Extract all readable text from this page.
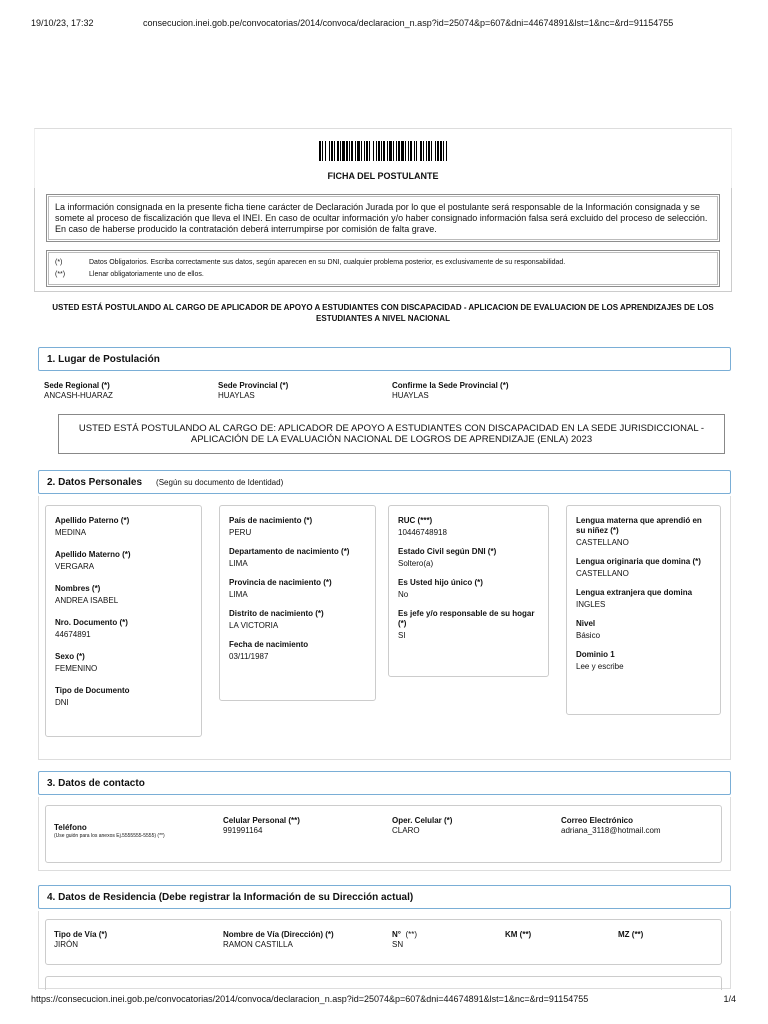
19/10/23, 17:32	consecucion.inei.gob.pe/convocatorias/2014/convoca/declaracion_n.asp?id=25074&p=607&dni=44674891&lst=1&nc=&rd=91154755
FICHA DEL POSTULANTE
La información consignada en la presente ficha tiene carácter de Declaración Jurada por lo que el postulante será responsable de la Información consignada y se somete al proceso de fiscalización que lleva el INEI. En caso de ocultar información y/o haber consignado información falsa será excluido del proceso de selección. En caso de haberse producido la contratación deberá interrumpirse por comisión de falta grave.
(*)	Datos Obligatorios. Escriba correctamente sus datos, según aparecen en su DNI, cualquier problema posterior, es exclusivamente de su responsabilidad.
(**)	Llenar obligatoriamente uno de ellos.
USTED ESTÁ POSTULANDO AL CARGO DE APLICADOR DE APOYO A ESTUDIANTES CON DISCAPACIDAD - APLICACION DE EVALUACION DE LOS APRENDIZAJES DE LOS ESTUDIANTES A NIVEL NACIONAL
1. Lugar de Postulación
Sede Regional (*)
ANCASH-HUARAZ
Sede Provincial (*)
HUAYLAS
Confirme la Sede Provincial (*)
HUAYLAS
USTED ESTÁ POSTULANDO AL CARGO DE: APLICADOR DE APOYO A ESTUDIANTES CON DISCAPACIDAD EN LA SEDE JURISDICCIONAL - APLICACIÓN DE LA EVALUACIÓN NACIONAL DE LOGROS DE APRENDIZAJE (ENLA) 2023
2. Datos Personales (Según su documento de Identidad)
Apellido Paterno (*)
MEDINA
Apellido Materno (*)
VERGARA
Nombres (*)
ANDREA ISABEL
Nro. Documento (*)
44674891
Sexo (*)
FEMENINO
Tipo de Documento
DNI
País de nacimiento (*)
PERU
Departamento de nacimiento (*)
LIMA
Provincia de nacimiento (*)
LIMA
Distrito de nacimiento (*)
LA VICTORIA
Fecha de nacimiento
03/11/1987
RUC (***)
10446748918
Estado Civil según DNI (*)
Soltero(a)
Es Usted hijo único (*)
No
Es jefe y/o responsable de su hogar (*)
SI
Lengua materna que aprendió en su niñez (*)
CASTELLANO
Lengua originaria que domina (*)
CASTELLANO
Lengua extranjera que domina
INGLES
Nivel
Básico
Dominio 1
Lee y escribe
3. Datos de contacto
Teléfono
(Use guión para los anexos Ej.5555555-5555) (**)
Celular Personal (**)
991991164
Oper. Celular (*)
CLARO
Correo Electrónico
adriana_3118@hotmail.com
4. Datos de Residencia (Debe registrar la Información de su Dirección actual)
Tipo de Vía (*)
JIRÓN
Nombre de Vía (Dirección) (*)
RAMON CASTILLA
N° (**)
SN
KM (**)	MZ (**)
https://consecucion.inei.gob.pe/convocatorias/2014/convoca/declaracion_n.asp?id=25074&p=607&dni=44674891&lst=1&nc=&rd=91154755	1/4
